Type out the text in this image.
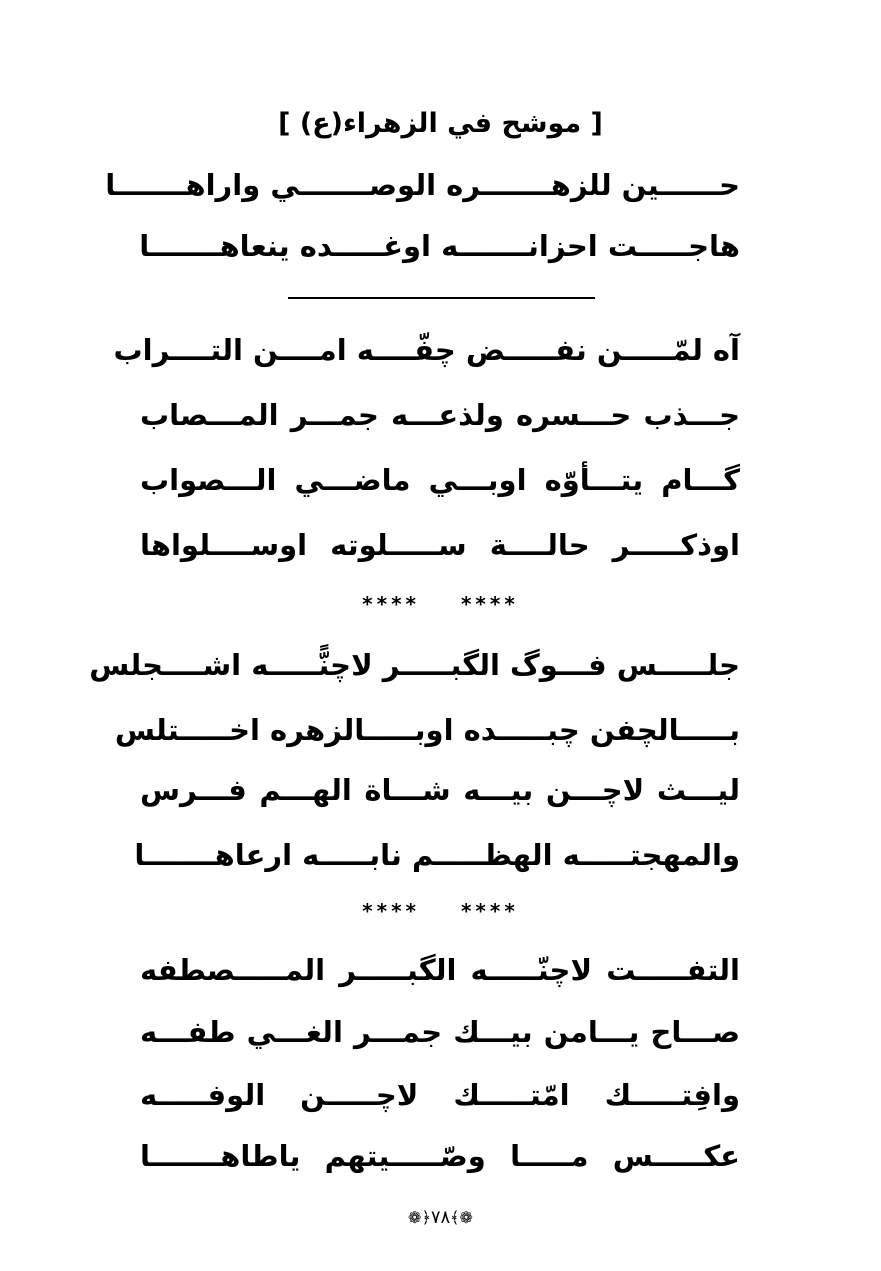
[ موشح في الزهراء(ع) ]
حــــــين للزهـــــــره الوصـــــــي واراهـــــــا
هاجـــــت احزانـــــــه اوغـــــده ينعاهـــــــا
آه لمّـــــن نفـــــض چفّــــه امــــن التــــراب
جـــذب حـــسره ولذعـــه جمـــر المـــصاب
گـــام يتـــأوّه اوبـــي ماضـــي الـــصواب
اوذكـــــر حالــــة ســـــلوته اوســــلواها
**** ****
جلـــــس فـــوگ الگبـــــر لاچنًّـــــه اشــــجلس
بـــــالچفن چبـــــده اوبـــــالزهره اخـــــتلس
ليـــث لاچـــن بيـــه شـــاة الهـــم فـــرس
والمهجتـــــه الهظـــــم نابـــــه ارعاهـــــــا
**** ****
التفـــــت لاچنّـــــه الگبـــــر المـــــصطفه
صـــاح يـــامن بيـــك جمـــر الغـــي طفـــه
وافِتـــــك امّتـــــك لاچـــــن الوفـــــه
عكـــــس مـــــا وصّـــــيتهم ياطاهـــــــا
❁﴾٧٨﴿❁
